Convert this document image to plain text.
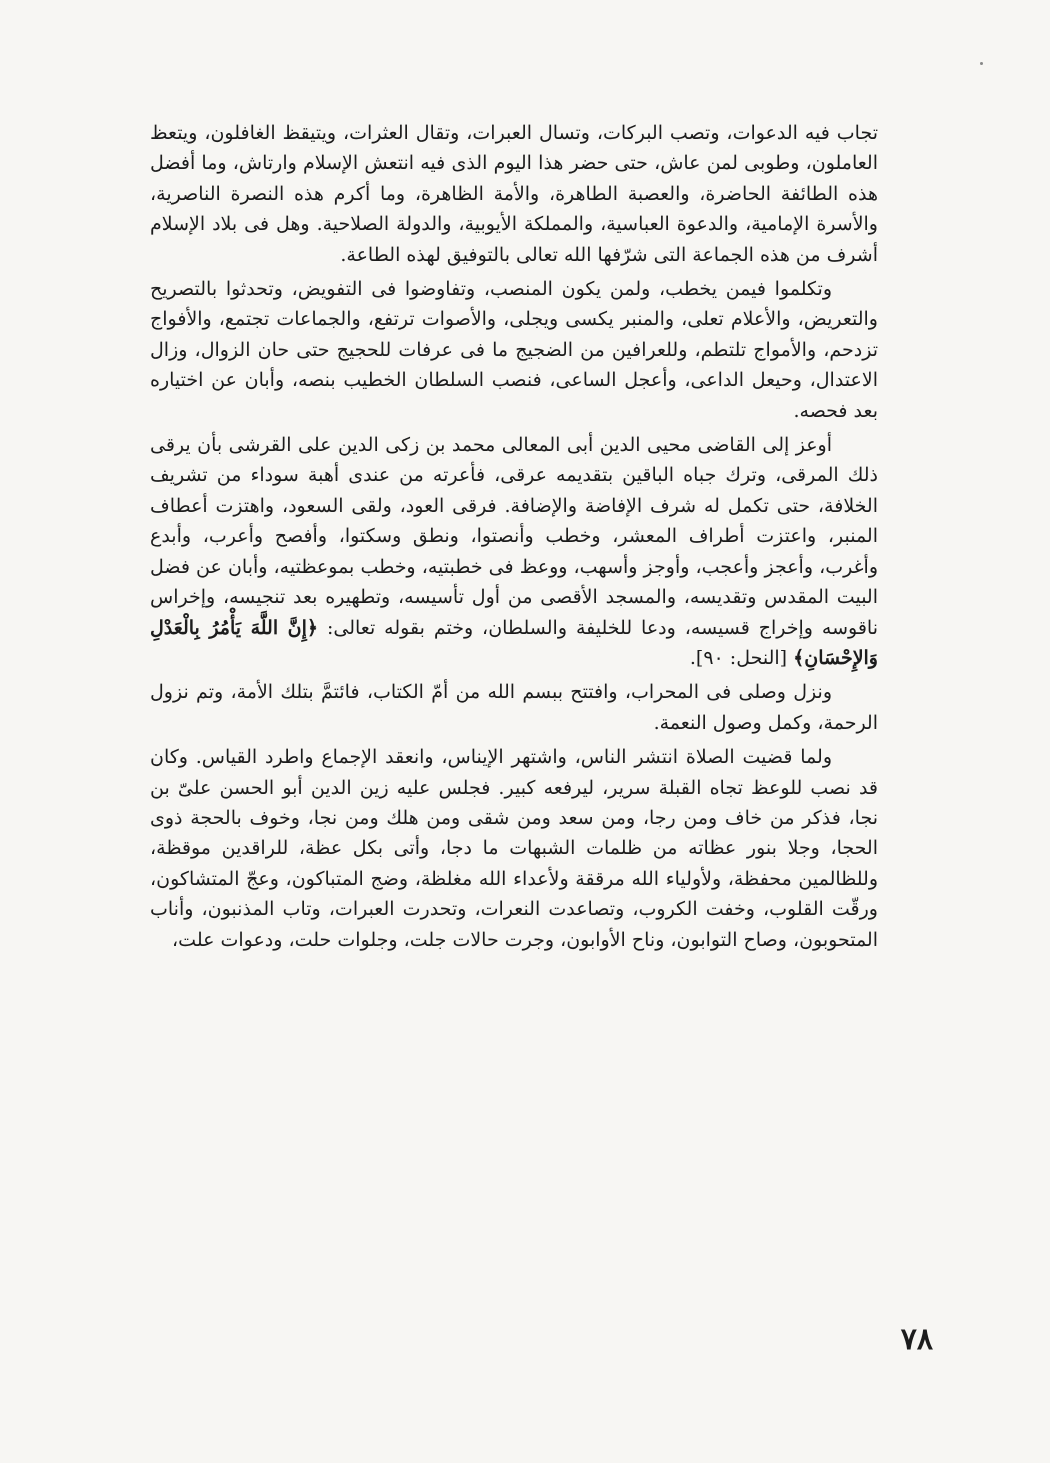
تجاب فيه الدعوات، وتصب البركات، وتسال العبرات، وتقال العثرات، ويتيقظ الغافلون، ويتعظ العاملون، وطوبى لمن عاش، حتى حضر هذا اليوم الذى فيه انتعش الإسلام وارتاش، وما أفضل هذه الطائفة الحاضرة، والعصبة الطاهرة، والأمة الظاهرة، وما أكرم هذه النصرة الناصرية، والأسرة الإمامية، والدعوة العباسية، والمملكة الأيوبية، والدولة الصلاحية. وهل فى بلاد الإسلام أشرف من هذه الجماعة التى شرّفها الله تعالى بالتوفيق لهذه الطاعة.

وتكلموا فيمن يخطب، ولمن يكون المنصب، وتفاوضوا فى التفويض، وتحدثوا بالتصريح والتعريض، والأعلام تعلى، والمنبر يكسى ويجلى، والأصوات ترتفع، والجماعات تجتمع، والأفواج تزدحم، والأمواج تلتطم، وللعرافين من الضجيج ما فى عرفات للحجيج حتى حان الزوال، وزال الاعتدال، وحيعل الداعى، وأعجل الساعى، فنصب السلطان الخطيب بنصه، وأبان عن اختياره بعد فحصه.

أوعز إلى القاضى محيى الدين أبى المعالى محمد بن زكى الدين على القرشى بأن يرقى ذلك المرقى، وترك جباه الباقين بتقديمه عرقى، فأعرته من عندى أهبة سوداء من تشريف الخلافة، حتى تكمل له شرف الإفاضة والإضافة. فرقى العود، ولقى السعود، واهتزت أعطاف المنبر، واعتزت أطراف المعشر، وخطب وأنصتوا، ونطق وسكتوا، وأفصح وأعرب، وأبدع وأغرب، وأعجز وأعجب، وأوجز وأسهب، ووعظ فى خطبتيه، وخطب بموعظتيه، وأبان عن فضل البيت المقدس وتقديسه، والمسجد الأقصى من أول تأسيسه، وتطهيره بعد تنجيسه، وإخراس ناقوسه وإخراج قسيسه، ودعا للخليفة والسلطان، وختم بقوله تعالى: ﴿إِنَّ اللَّهَ يَأْمُرُ بِالْعَدْلِ وَالإِحْسَانِ﴾ [النحل: ٩٠].

ونزل وصلى فى المحراب، وافتتح ببسم الله من أمّ الكتاب، فائتمَّ بتلك الأمة، وتم نزول الرحمة، وكمل وصول النعمة.

ولما قضيت الصلاة انتشر الناس، واشتهر الإيناس، وانعقد الإجماع واطرد القياس. وكان قد نصب للوعظ تجاه القبلة سرير، ليرفعه كبير. فجلس عليه زين الدين أبو الحسن علىّ بن نجا، فذكر من خاف ومن رجا، ومن سعد ومن شقى ومن هلك ومن نجا، وخوف بالحجة ذوى الحجا، وجلا بنور عظاته من ظلمات الشبهات ما دجا، وأتى بكل عظة، للراقدين موقظة، وللظالمين محفظة، ولأولياء الله مرققة ولأعداء الله مغلظة، وضج المتباكون، وعجّ المتشاكون، ورقّت القلوب، وخفت الكروب، وتصاعدت النعرات، وتحدرت العبرات، وتاب المذنبون، وأناب المتحوبون، وصاح التوابون، وناح الأوابون، وجرت حالات جلت، وجلوات حلت، ودعوات علت،

٧٨
